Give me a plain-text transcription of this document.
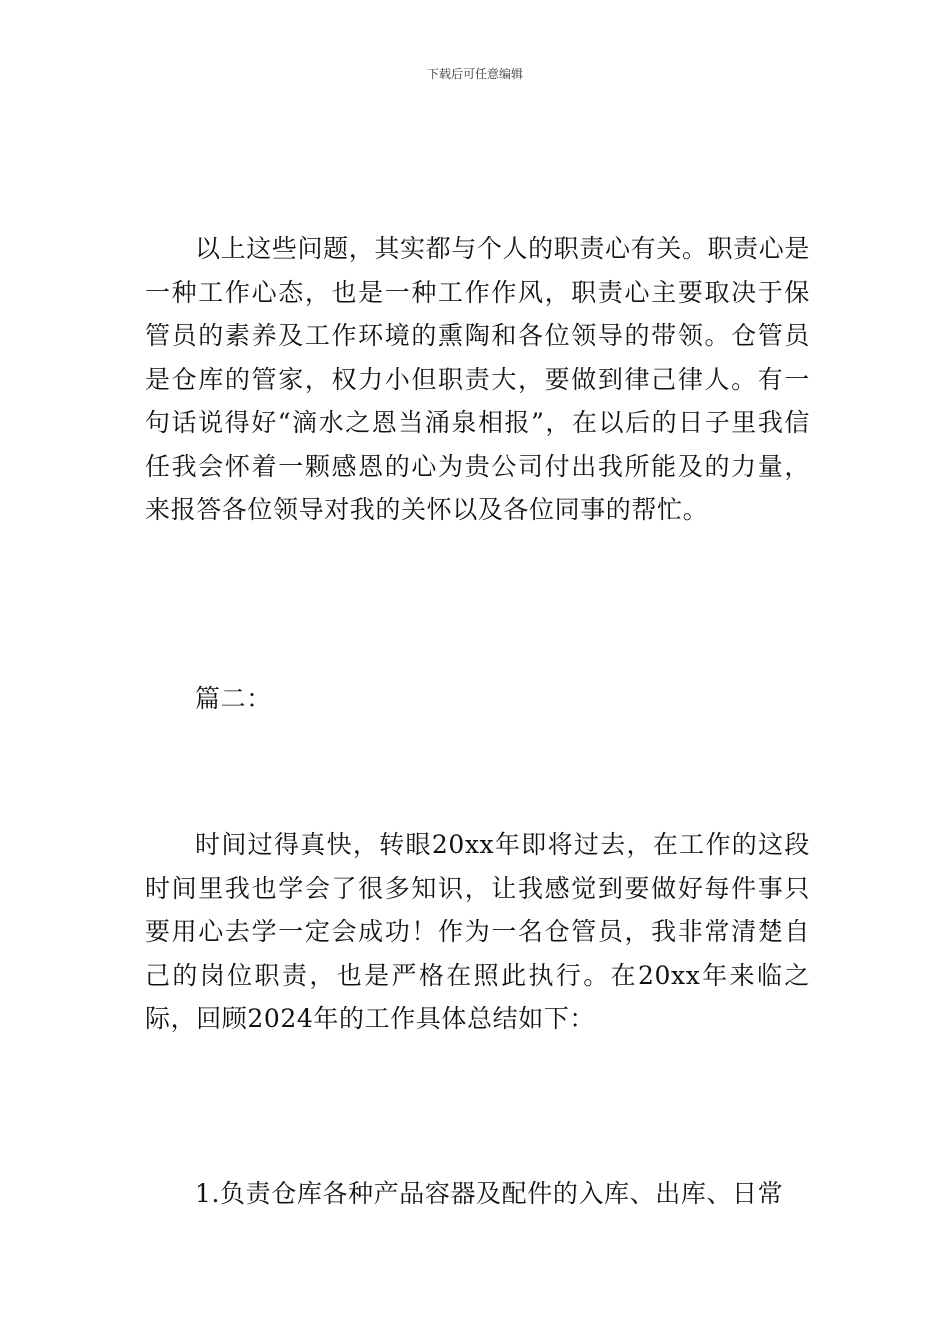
下载后可任意编辑

以上这些问题，其实都与个人的职责心有关。职责心是一种工作心态，也是一种工作作风，职责心主要取决于保管员的素养及工作环境的熏陶和各位领导的带领。仓管员是仓库的管家，权力小但职责大，要做到律己律人。有一句话说得好“滴水之恩当涌泉相报”，在以后的日子里我信任我会怀着一颗感恩的心为贵公司付出我所能及的力量，来报答各位领导对我的关怀以及各位同事的帮忙。

篇二：

时间过得真快，转眼20xx年即将过去，在工作的这段时间里我也学会了很多知识，让我感觉到要做好每件事只要用心去学一定会成功！作为一名仓管员，我非常清楚自己的岗位职责，也是严格在照此执行。在20xx年来临之际，回顾2024年的工作具体总结如下：

1.负责仓库各种产品容器及配件的入库、出库、日常
